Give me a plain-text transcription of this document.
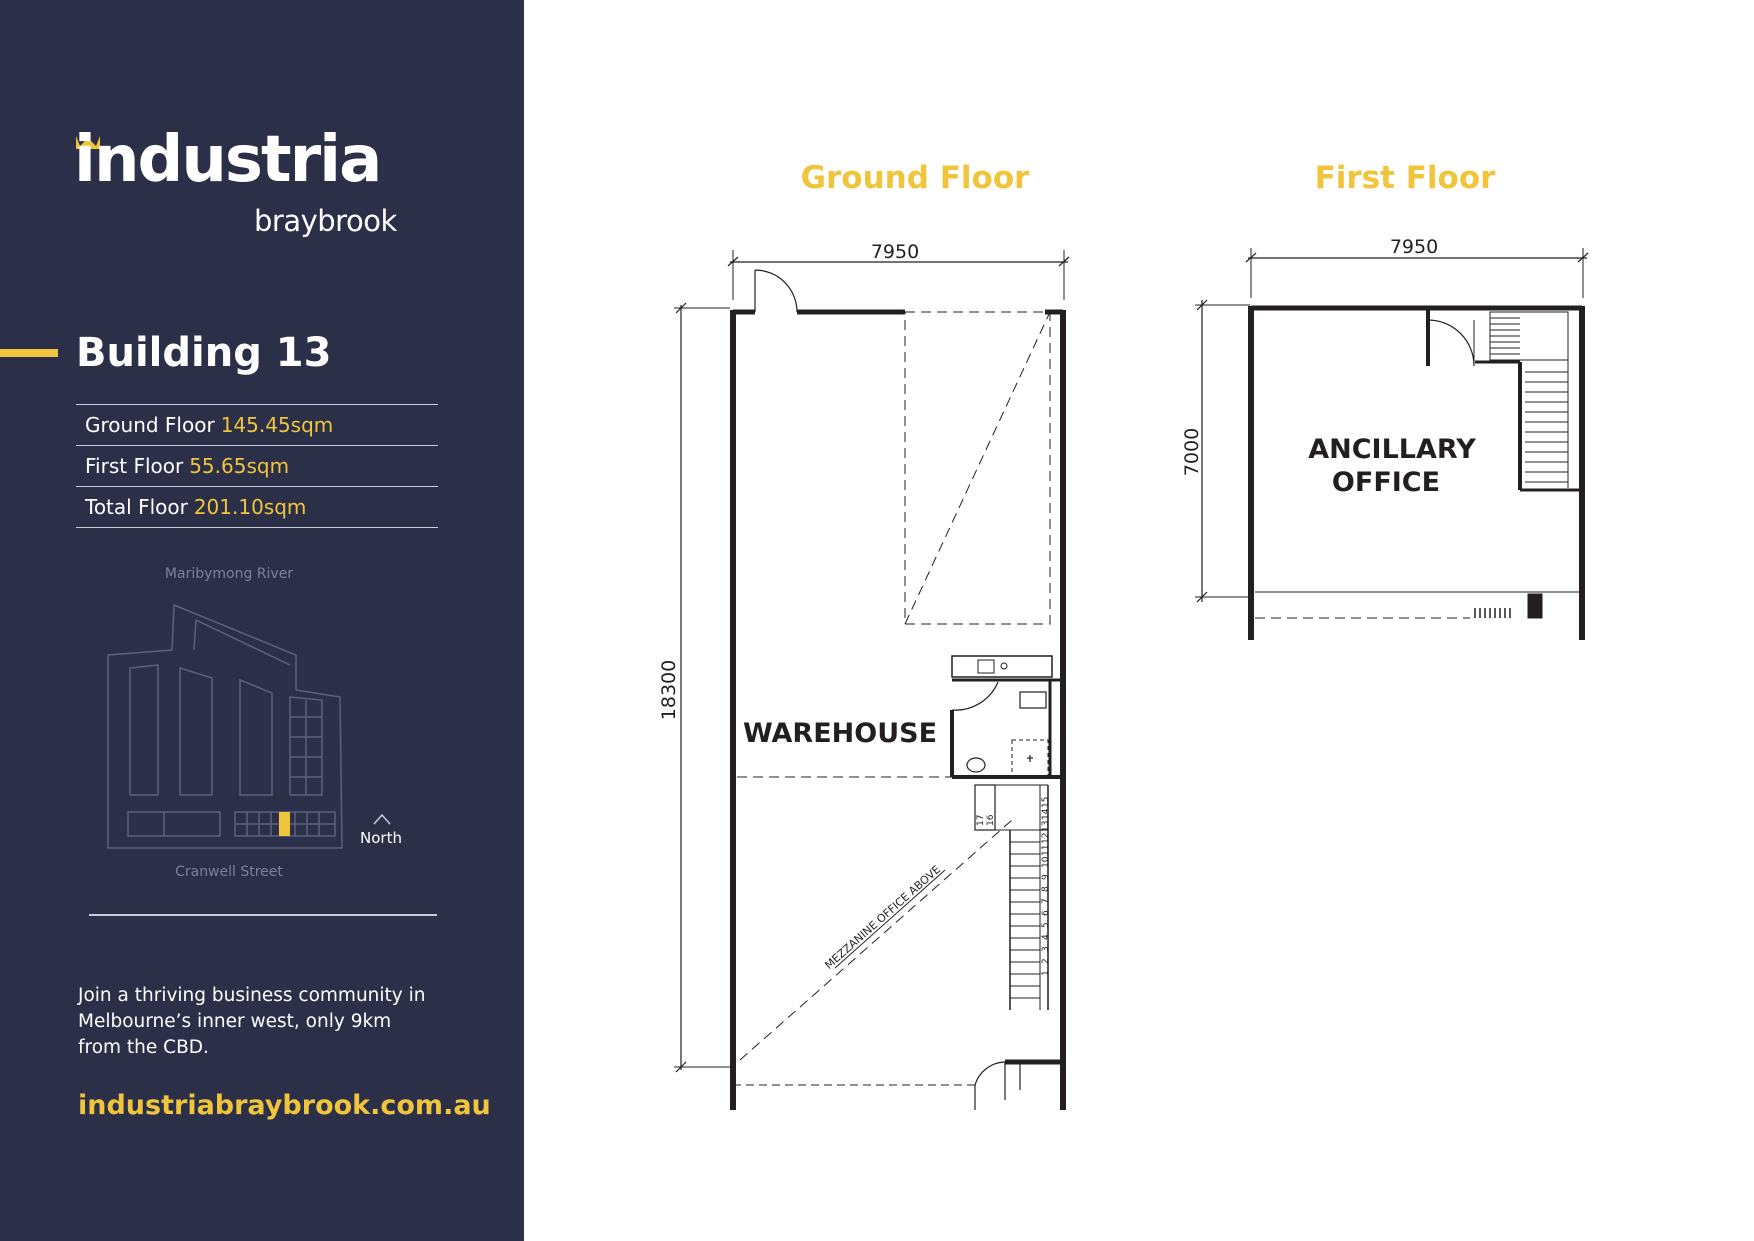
industria
braybrook
Building 13
Ground Floor 145.45sqm
First Floor 55.65sqm
Total Floor 201.10sqm
North
Maribymong River
Cranwell Street
Join a thriving business community in Melbourne’s inner west, only 9km from the CBD.
industriabraybrook.com.au
Ground Floor	First Floor
7950
18300
WAREHOUSE
MEZZANINE OFFICE ABOVE
1
2
3
4
5
6
7
8
9
10
11
12
13
14
15
17 16
7950
7000	ANCILLARY
OFFICE
